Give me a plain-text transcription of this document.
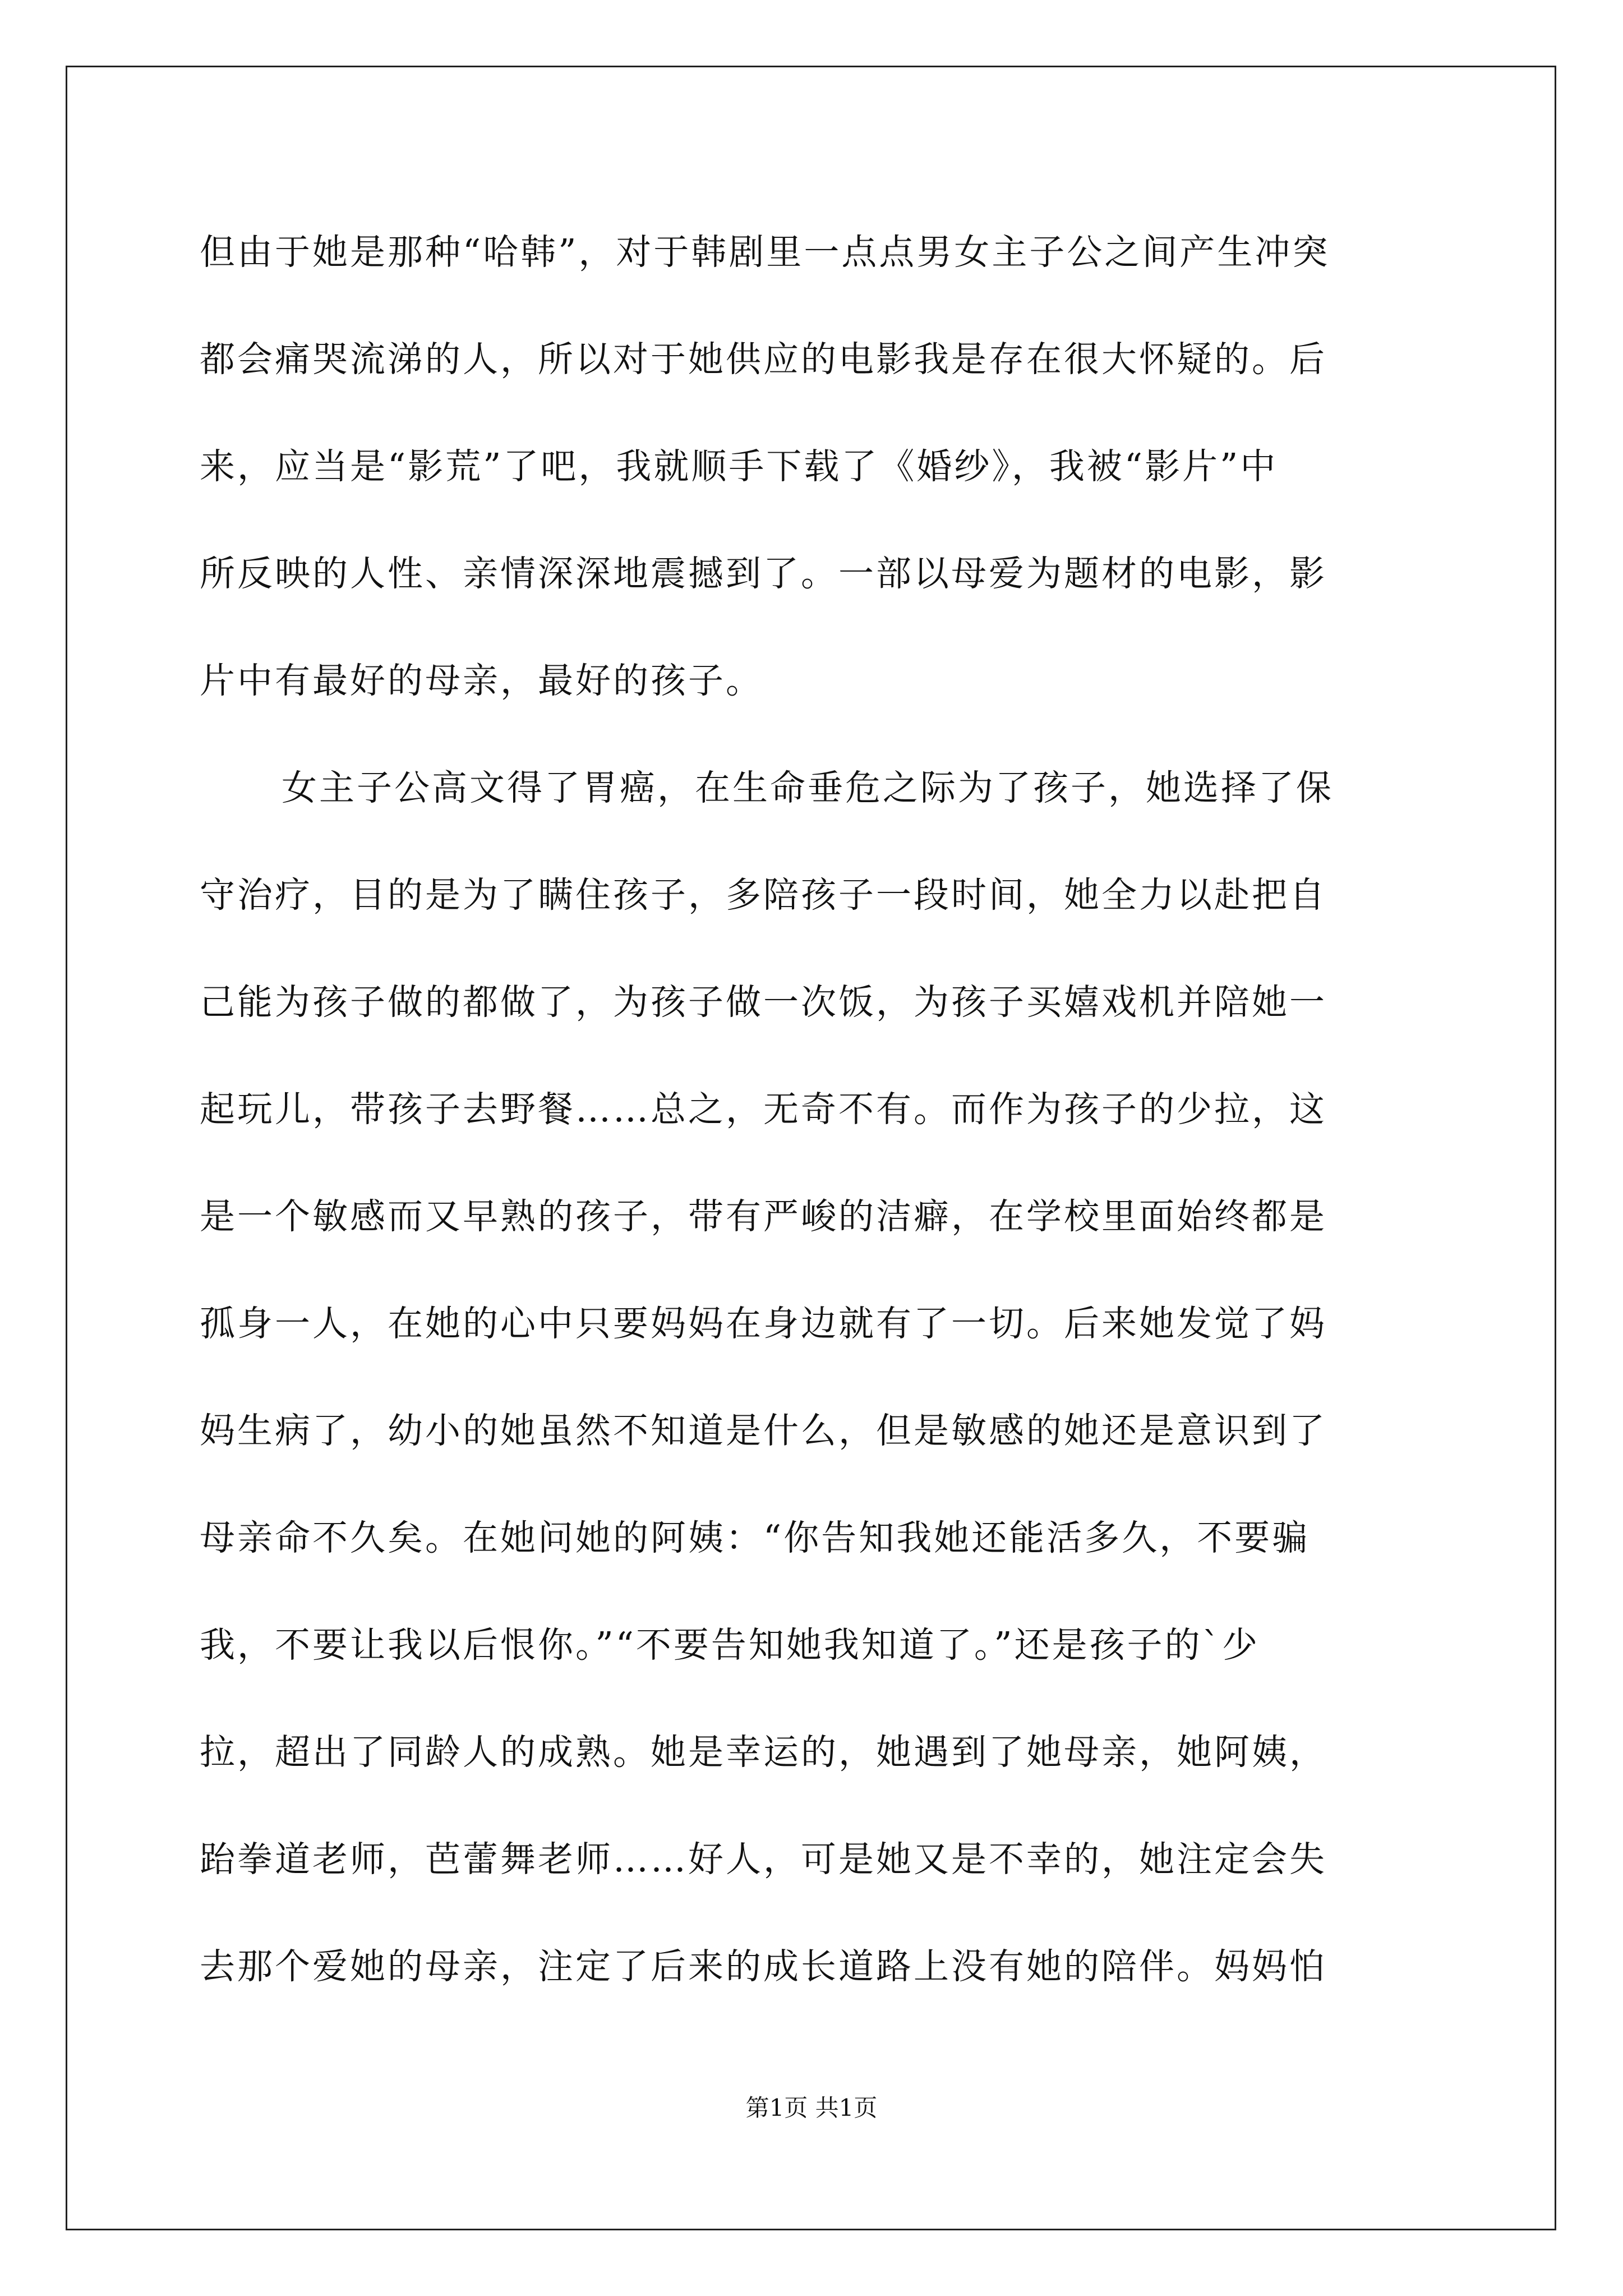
但由于她是那种“哈韩”，对于韩剧里一点点男女主子公之间产生冲突
都会痛哭流涕的人，所以对于她供应的电影我是存在很大怀疑的。后
来，应当是“影荒”了吧，我就顺手下载了《婚纱》，我被“影片”中
所反映的人性、亲情深深地震撼到了。一部以母爱为题材的电影，影
片中有最好的母亲，最好的孩子。
女主子公高文得了胃癌，在生命垂危之际为了孩子，她选择了保
守治疗，目的是为了瞒住孩子，多陪孩子一段时间，她全力以赴把自
己能为孩子做的都做了，为孩子做一次饭，为孩子买嬉戏机并陪她一
起玩儿，带孩子去野餐……总之，无奇不有。而作为孩子的少拉，这
是一个敏感而又早熟的孩子，带有严峻的洁癖，在学校里面始终都是
孤身一人，在她的心中只要妈妈在身边就有了一切。后来她发觉了妈
妈生病了，幼小的她虽然不知道是什么，但是敏感的她还是意识到了
母亲命不久矣。在她问她的阿姨：“你告知我她还能活多久，不要骗
我，不要让我以后恨你。”“不要告知她我知道了。”还是孩子的`少
拉，超出了同龄人的成熟。她是幸运的，她遇到了她母亲，她阿姨，
跆拳道老师，芭蕾舞老师……好人，可是她又是不幸的，她注定会失
去那个爱她的母亲，注定了后来的成长道路上没有她的陪伴。妈妈怕
第1页 共1页
